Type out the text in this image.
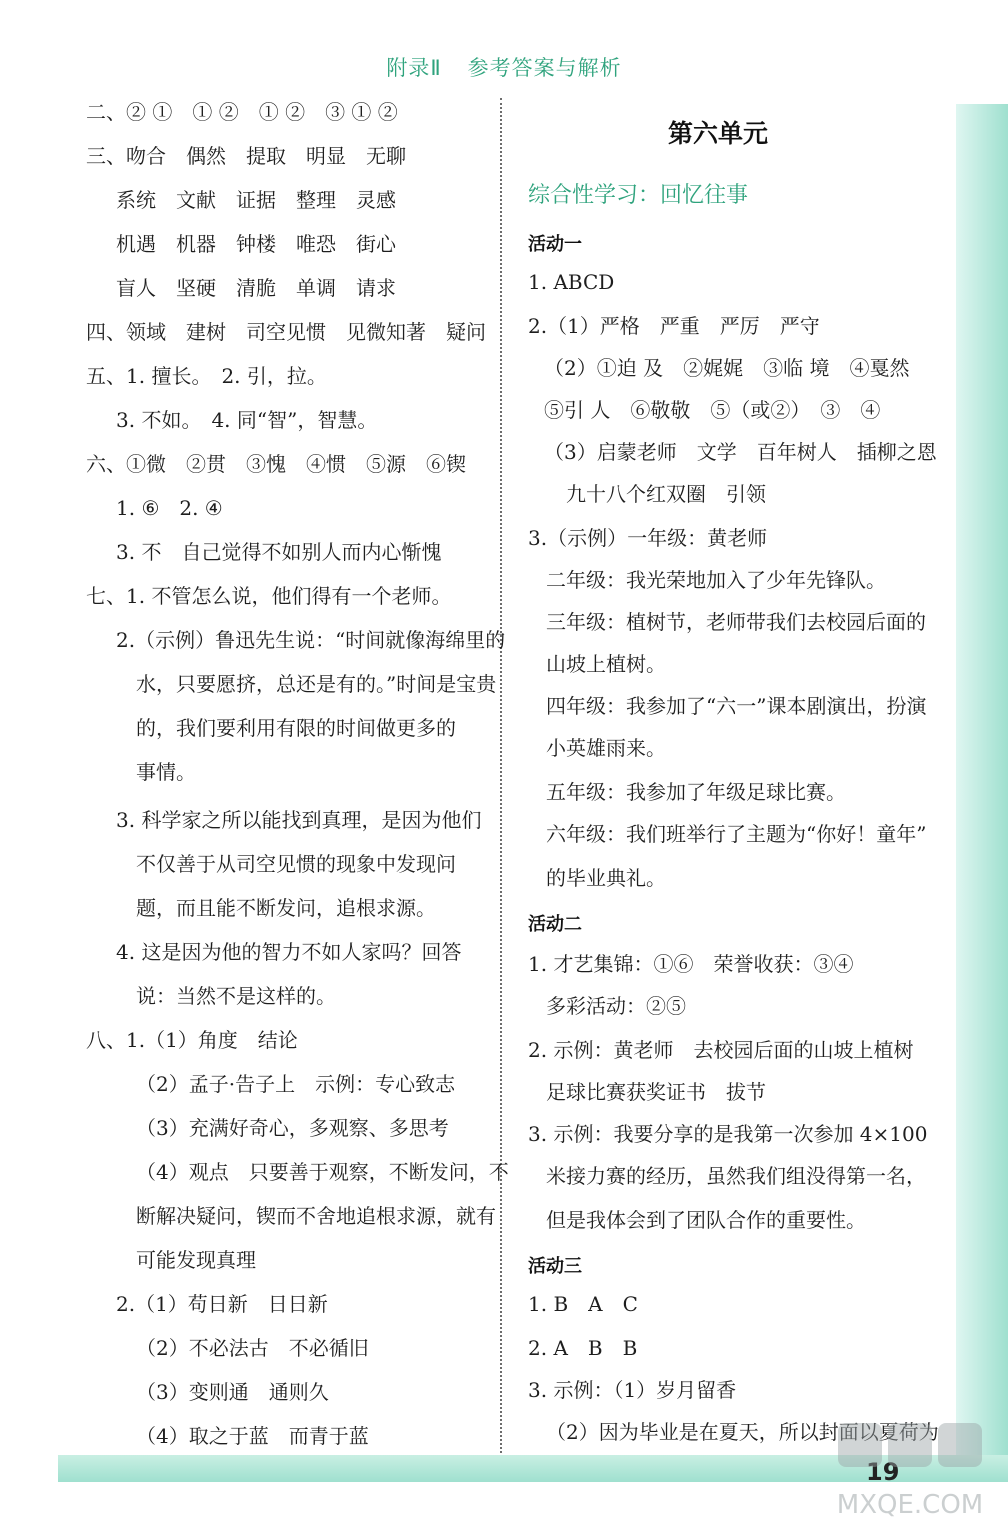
附录Ⅱ 参考答案与解析
二、② ①　① ②　① ②　③ ① ②
三、吻合　偶然　提取　明显　无聊
系统　文献　证据　整理　灵感
机遇　机器　钟楼　唯恐　街心
盲人　坚硬　清脆　单调　请求
四、领域　建树　司空见惯　见微知著　疑问
五、1. 擅长。　2. 引，拉。
3. 不如。　4. 同“智”，智慧。
六、①微　②贯　③愧　④惯　⑤源　⑥锲
1. ⑥　2. ④
3. 不　自己觉得不如别人而内心惭愧
七、1. 不管怎么说，他们得有一个老师。
2.（示例）鲁迅先生说：“时间就像海绵里的
水，只要愿挤，总还是有的。”时间是宝贵
的，我们要利用有限的时间做更多的
事情。
3. 科学家之所以能找到真理，是因为他们
不仅善于从司空见惯的现象中发现问
题，而且能不断发问，追根求源。
4. 这是因为他的智力不如人家吗？回答
说：当然不是这样的。
八、1.（1）角度　结论
（2）孟子·告子上　示例：专心致志
（3）充满好奇心，多观察、多思考
（4）观点　只要善于观察，不断发问，不
断解决疑问，锲而不舍地追根求源，就有
可能发现真理
2.（1）苟日新　日日新
（2）不必法古　不必循旧
（3）变则通　通则久
（4）取之于蓝　而青于蓝
第六单元
综合性学习：回忆往事
活动一
1. ABCD
2.（1）严格　严重　严厉　严守
（2）①迫 及　②娓娓　③临 境　④戛然
⑤引 人　⑥敬敬　⑤（或②）　③　④
（3）启蒙老师　文学　百年树人　插柳之恩
九十八个红双圈　引领
3.（示例）一年级：黄老师
二年级：我光荣地加入了少年先锋队。
三年级：植树节，老师带我们去校园后面的
山坡上植树。
四年级：我参加了“六一”课本剧演出，扮演
小英雄雨来。
五年级：我参加了年级足球比赛。
六年级：我们班举行了主题为“你好！童年”
的毕业典礼。
活动二
1. 才艺集锦：①⑥　荣誉收获：③④
多彩活动：②⑤
2. 示例：黄老师　去校园后面的山坡上植树
足球比赛获奖证书　拔节
3. 示例：我要分享的是我第一次参加 4×100
米接力赛的经历，虽然我们组没得第一名，
但是我体会到了团队合作的重要性。
活动三
1. B　A　C
2. A　B　B
3. 示例：（1）岁月留香
（2）因为毕业是在夏天，所以封面以夏荷为
19
MXQE.COM
